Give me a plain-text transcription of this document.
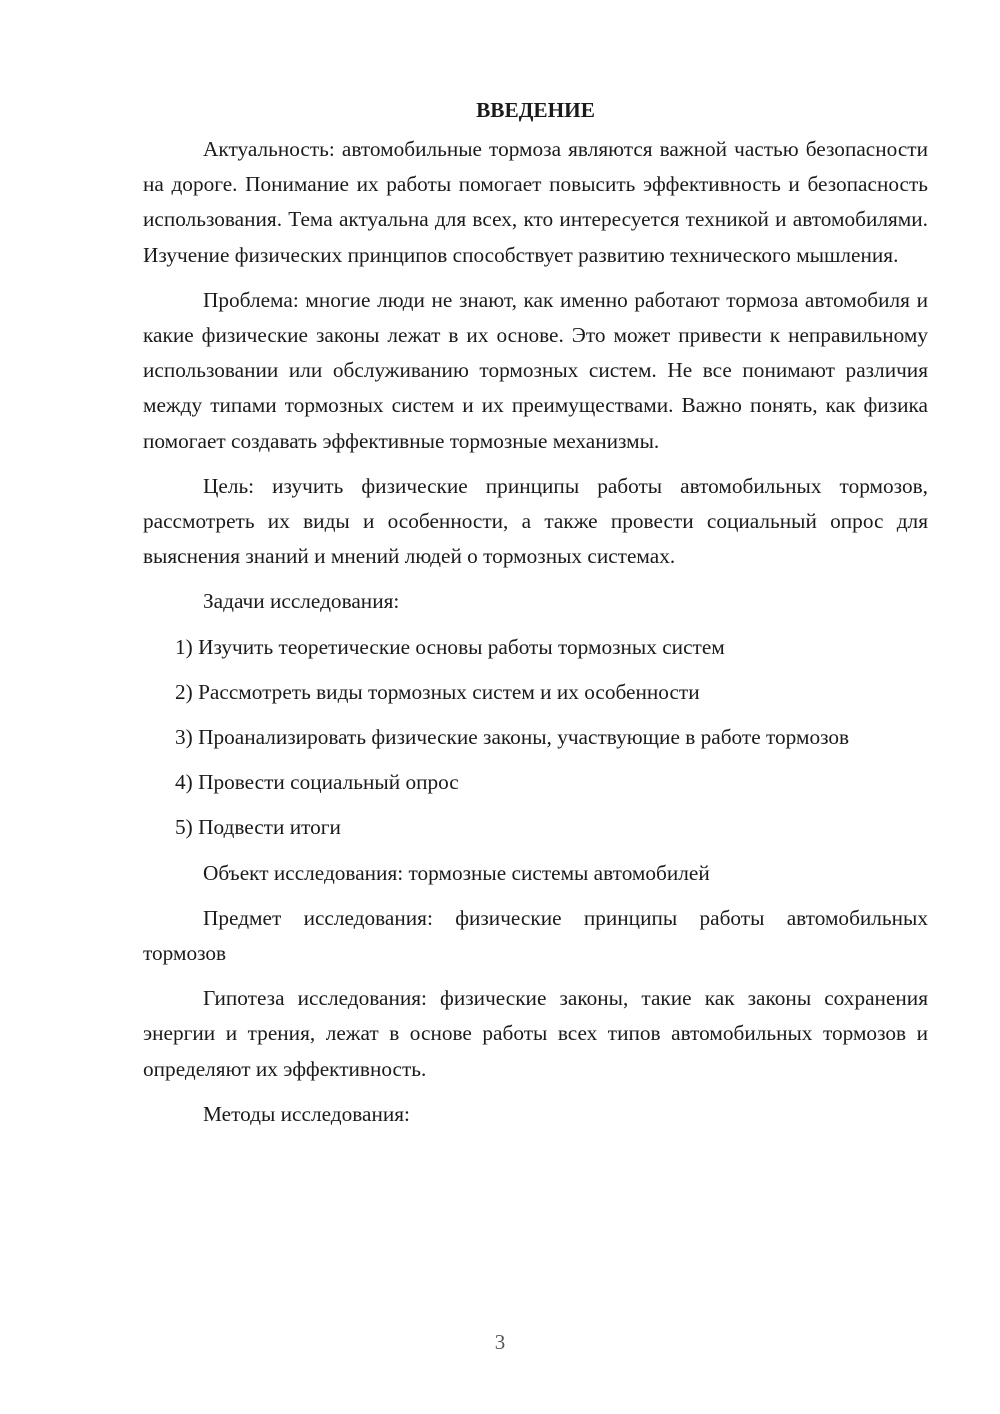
ВВЕДЕНИЕ

Актуальность: автомобильные тормоза являются важной частью безопасности на дороге. Понимание их работы помогает повысить эффективность и безопасность использования. Тема актуальна для всех, кто интересуется техникой и автомобилями. Изучение физических принципов способствует развитию технического мышления.

Проблема: многие люди не знают, как именно работают тормоза автомобиля и какие физические законы лежат в их основе. Это может привести к неправильному использовании или обслуживанию тормозных систем. Не все понимают различия между типами тормозных систем и их преимуществами. Важно понять, как физика помогает создавать эффективные тормозные механизмы.

Цель: изучить физические принципы работы автомобильных тормозов, рассмотреть их виды и особенности, а также провести социальный опрос для выяснения знаний и мнений людей о тормозных системах.

Задачи исследования:

1) Изучить теоретические основы работы тормозных систем

2) Рассмотреть виды тормозных систем и их особенности

3) Проанализировать физические законы, участвующие в работе тормозов

4) Провести социальный опрос

5) Подвести итоги

Объект исследования: тормозные системы автомобилей

Предмет исследования: физические принципы работы автомобильных тормозов

Гипотеза исследования: физические законы, такие как законы сохранения энергии и трения, лежат в основе работы всех типов автомобильных тормозов и определяют их эффективность.

Методы исследования:

3
